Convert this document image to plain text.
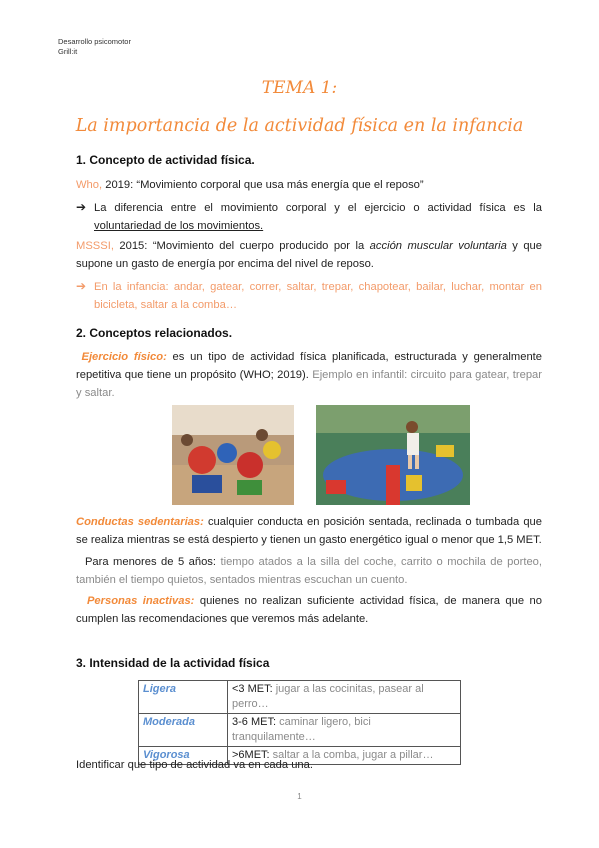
Desarrollo psicomotor
Grill:it
TEMA 1:
La importancia de la actividad física en la infancia
1. Concepto de actividad física.
Who, 2019: “Movimiento corporal que usa más energía que el reposo”
➔ La diferencia entre el movimiento corporal y el ejercicio o actividad física es la voluntariedad de los movimientos.
MSSSI, 2015: “Movimiento del cuerpo producido por la acción muscular voluntaria y que supone un gasto de energía por encima del nivel de reposo.
➔ En la infancia: andar, gatear, correr, saltar, trepar, chapotear, bailar, luchar, montar en bicicleta, saltar a la comba…
2. Conceptos relacionados.
Ejercicio físico: es un tipo de actividad física planificada, estructurada y generalmente repetitiva que tiene un propósito (WHO; 2019). Ejemplo en infantil: circuito para gatear, trepar y saltar.
Conductas sedentarias: cualquier conducta en posición sentada, reclinada o tumbada que se realiza mientras se está despierto y tienen un gasto energético igual o menor que 1,5 MET.
Para menores de 5 años: tiempo atados a la silla del coche, carrito o mochila de porteo, también el tiempo quietos, sentados mientras escuchan un cuento.
Personas inactivas: quienes no realizan suficiente actividad física, de manera que no cumplen las recomendaciones que veremos más adelante.
3. Intensidad de la actividad física
Ligera	<3 MET: jugar a las cocinitas, pasear al perro…
Moderada	3-6 MET: caminar ligero, bici tranquilamente…
Vigorosa	>6MET: saltar a la comba, jugar a pillar…
Identificar que tipo de actividad va en cada una.
1
